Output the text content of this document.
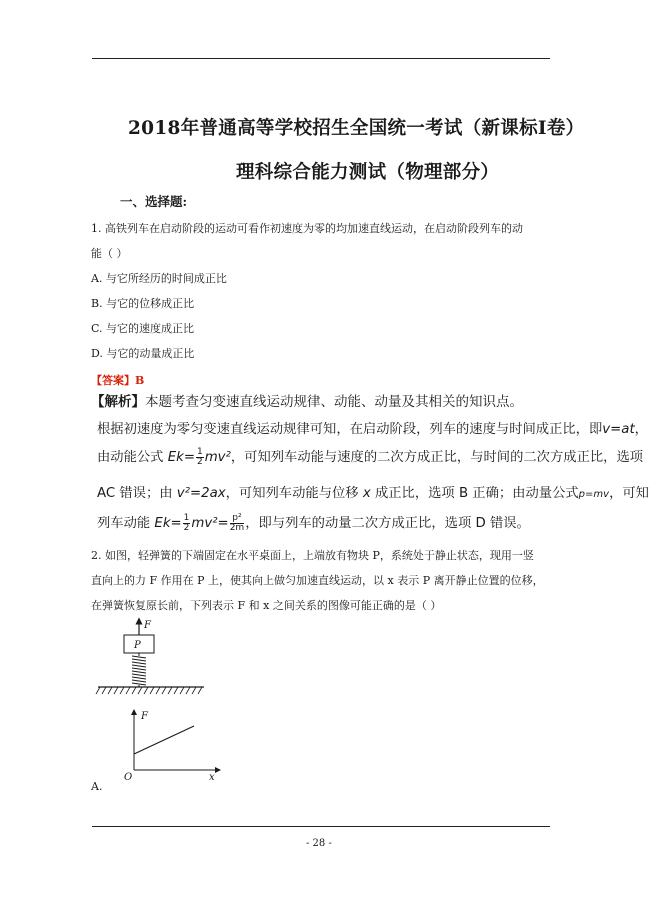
2018年普通高等学校招生全国统一考试（新课标Ⅰ卷）
理科综合能力测试（物理部分）
一、选择题:
1. 高铁列车在启动阶段的运动可看作初速度为零的均加速直线运动，在启动阶段列车的动
能（ ）
A. 与它所经历的时间成正比
B. 与它的位移成正比
C. 与它的速度成正比
D. 与它的动量成正比
【答案】B
【解析】本题考查匀变速直线运动规律、动能、动量及其相关的知识点。
根据初速度为零匀变速直线运动规律可知，在启动阶段，列车的速度与时间成正比，即v=at，
由动能公式 $Ek= \frac{1}{2} mv^2$，可知列车动能与速度的二次方成正比，与时间的二次方成正比，选项
AC 错误；由 v²=2ax，可知列车动能与位移 x 成正比，选项 B 正确；由动量公式p=mv，可知
列车动能 $Ek= \frac{1}{2} mv^2= \frac{\text{p²}}{2m}$ ，即与列车的动量二次方成正比，选项 D 错误。
2. 如图，轻弹簧的下端固定在水平桌面上，上端放有物块 P，系统处于静止状态，现用一竖
直向上的力 F 作用在 P 上，使其向上做匀加速直线运动，以 x 表示 P 离开静止位置的位移，
在弹簧恢复原长前，下列表示 F 和 x 之间关系的图像可能正确的是（ ）
F
P
F
O	x
A.
- 28 -
